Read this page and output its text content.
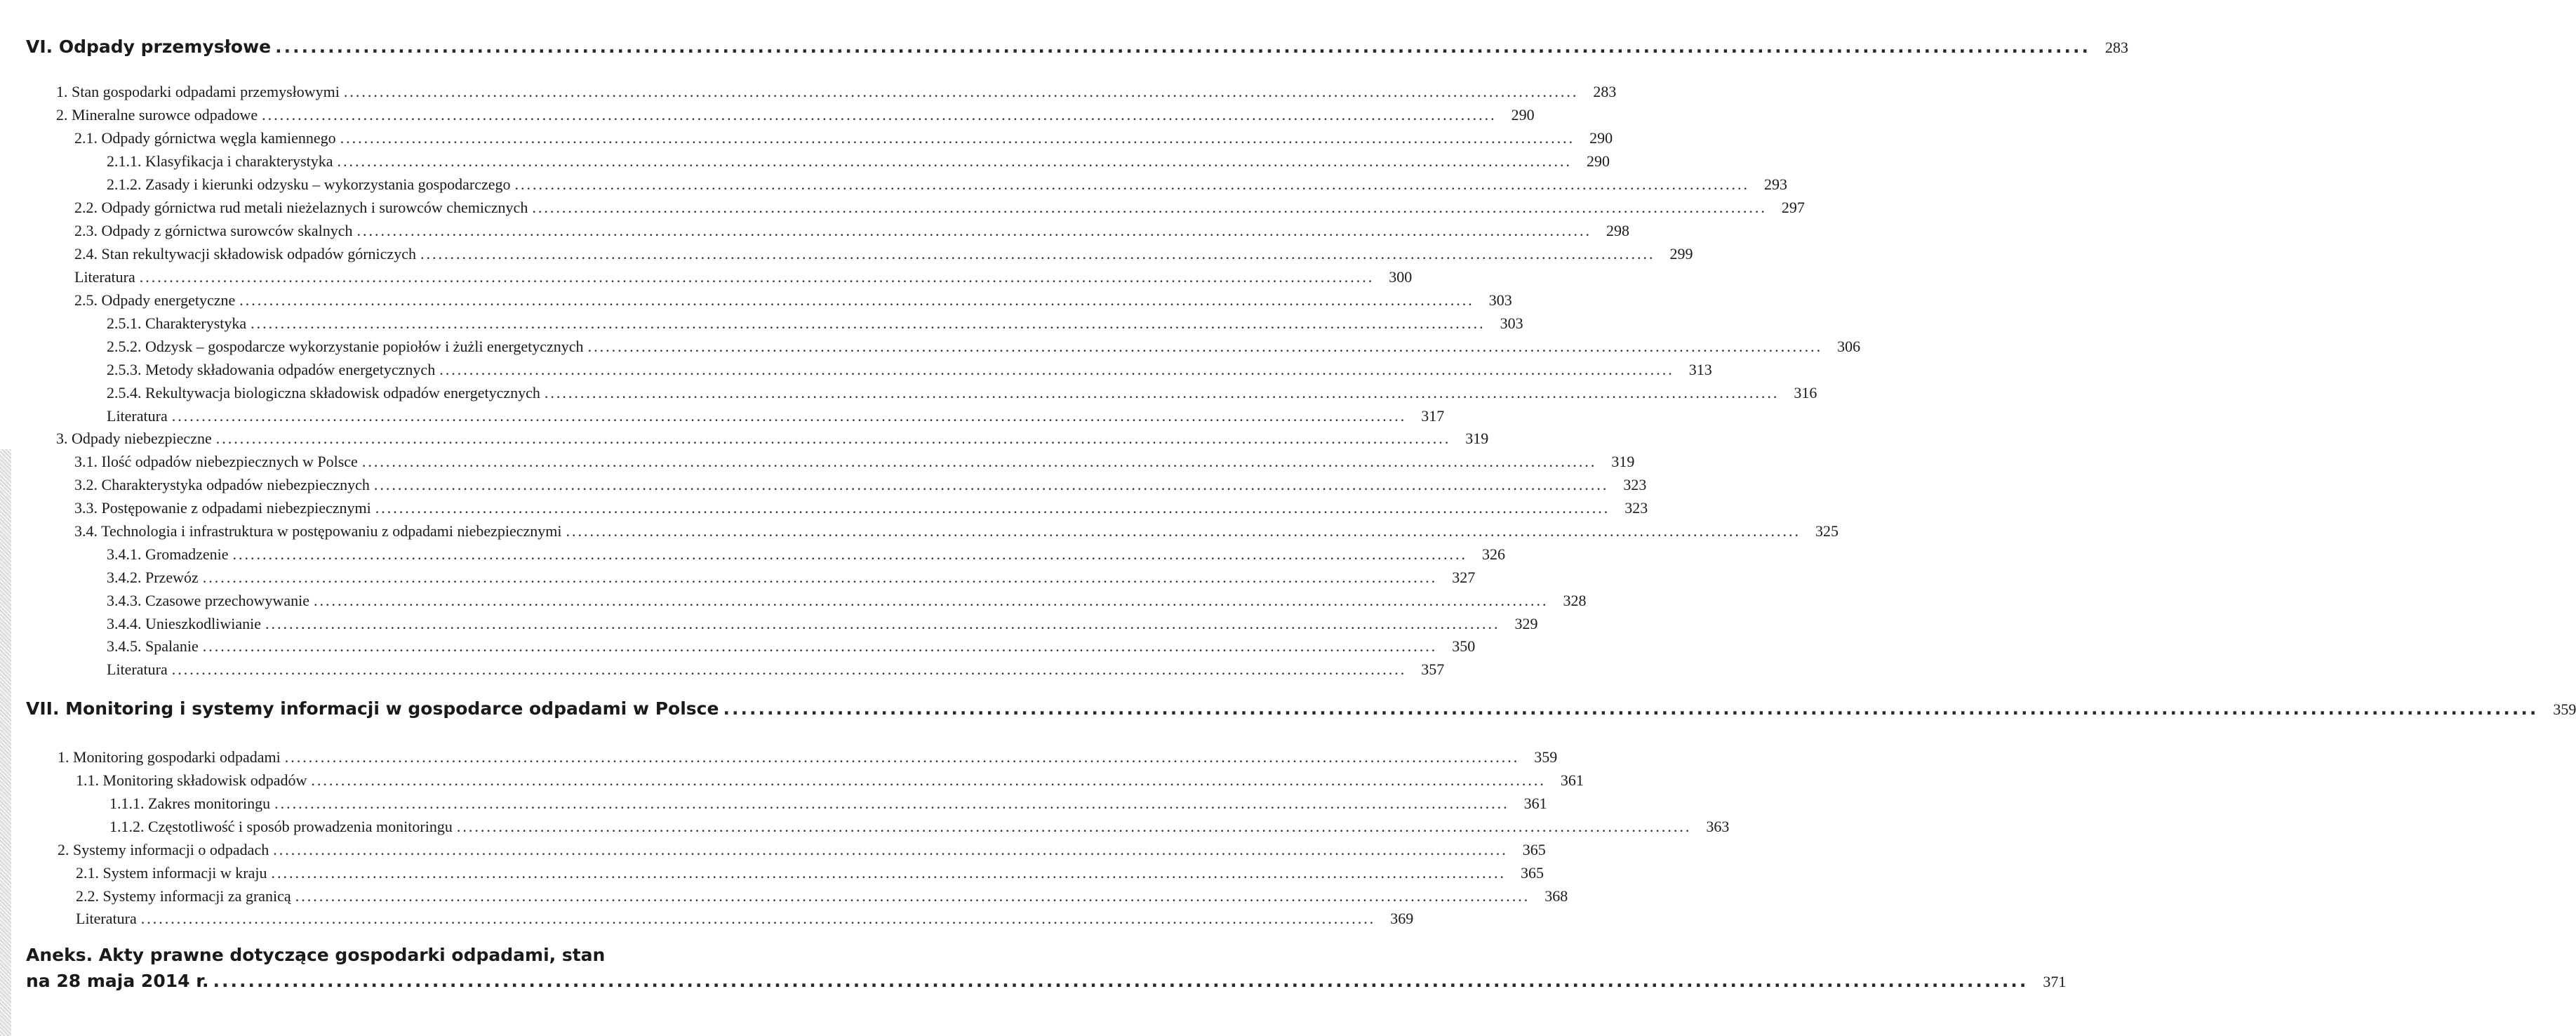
VI. Odpady przemysłowe ............................................................................................................................................................................................................... 283
1. Stan gospodarki odpadami przemysłowymi ............................................................................................................................................................................................................... 283
2. Mineralne surowce odpadowe ............................................................................................................................................................................................................... 290
2.1. Odpady górnictwa węgla kamiennego ............................................................................................................................................................................................................... 290
2.1.1. Klasyfikacja i charakterystyka ............................................................................................................................................................................................................... 290
2.1.2. Zasady i kierunki odzysku – wykorzystania gospodarczego ............................................................................................................................................................................................................... 293
2.2. Odpady górnictwa rud metali nieżelaznych i surowców chemicznych ............................................................................................................................................................................................................... 297
2.3. Odpady z górnictwa surowców skalnych ............................................................................................................................................................................................................... 298
2.4. Stan rekultywacji składowisk odpadów górniczych ............................................................................................................................................................................................................... 299
Literatura ............................................................................................................................................................................................................... 300
2.5. Odpady energetyczne ............................................................................................................................................................................................................... 303
2.5.1. Charakterystyka ............................................................................................................................................................................................................... 303
2.5.2. Odzysk – gospodarcze wykorzystanie popiołów i żużli energetycznych ............................................................................................................................................................................................................... 306
2.5.3. Metody składowania odpadów energetycznych ............................................................................................................................................................................................................... 313
2.5.4. Rekultywacja biologiczna składowisk odpadów energetycznych ............................................................................................................................................................................................................... 316
Literatura ............................................................................................................................................................................................................... 317
3. Odpady niebezpieczne ............................................................................................................................................................................................................... 319
3.1. Ilość odpadów niebezpiecznych w Polsce ............................................................................................................................................................................................................... 319
3.2. Charakterystyka odpadów niebezpiecznych ............................................................................................................................................................................................................... 323
3.3. Postępowanie z odpadami niebezpiecznymi ............................................................................................................................................................................................................... 323
3.4. Technologia i infrastruktura w postępowaniu z odpadami niebezpiecznymi ............................................................................................................................................................................................................... 325
3.4.1. Gromadzenie ............................................................................................................................................................................................................... 326
3.4.2. Przewóz ............................................................................................................................................................................................................... 327
3.4.3. Czasowe przechowywanie ............................................................................................................................................................................................................... 328
3.4.4. Unieszkodliwianie ............................................................................................................................................................................................................... 329
3.4.5. Spalanie ............................................................................................................................................................................................................... 350
Literatura ............................................................................................................................................................................................................... 357
VII. Monitoring i systemy informacji w gospodarce odpadami w Polsce ............................................................................................................................................................................................................... 359
1. Monitoring gospodarki odpadami ............................................................................................................................................................................................................... 359
1.1. Monitoring składowisk odpadów ............................................................................................................................................................................................................... 361
1.1.1. Zakres monitoringu ............................................................................................................................................................................................................... 361
1.1.2. Częstotliwość i sposób prowadzenia monitoringu ............................................................................................................................................................................................................... 363
2. Systemy informacji o odpadach ............................................................................................................................................................................................................... 365
2.1. System informacji w kraju ............................................................................................................................................................................................................... 365
2.2. Systemy informacji za granicą ............................................................................................................................................................................................................... 368
Literatura ............................................................................................................................................................................................................... 369
Aneks. Akty prawne dotyczące gospodarki odpadami, stan
na 28 maja 2014 r. ............................................................................................................................................................................................................... 371
